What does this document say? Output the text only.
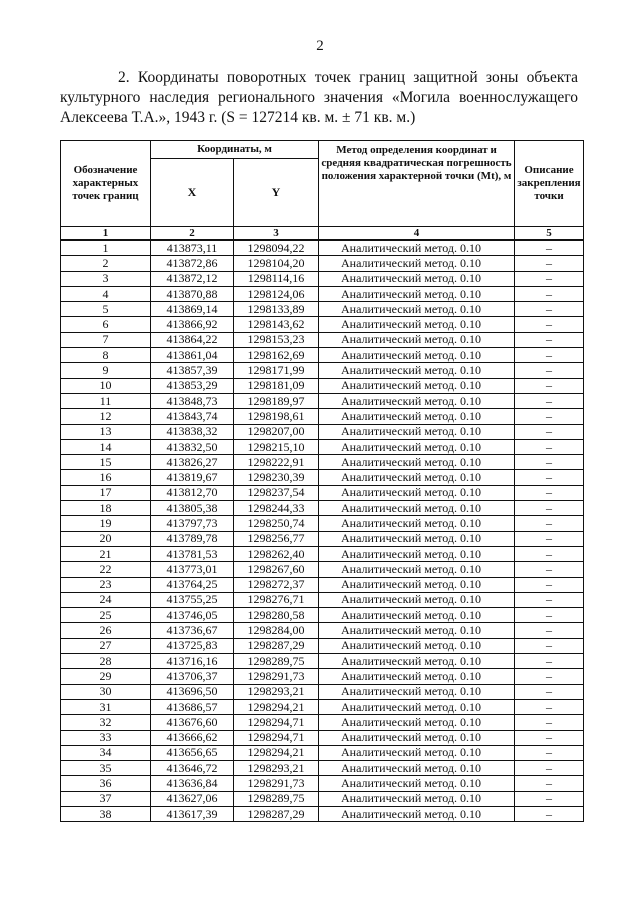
2
2. Координаты поворотных точек границ защитной зоны объекта
культурного наследия регионального значения «Могила военнослужащего
Алексеева Т.А.», 1943 г. (S = 127214 кв. м. ± 71 кв. м.)
Обозначение характерных точек границ	Координаты, м		Метод определения координат и средняя квадратическая погрешность положения характерной точки (Мt), м	Описание закрепления точки
	X	Y		
1	2	3	4	5
1	413873,11	1298094,22	Аналитический метод. 0.10	–
2	413872,86	1298104,20	Аналитический метод. 0.10	–
3	413872,12	1298114,16	Аналитический метод. 0.10	–
4	413870,88	1298124,06	Аналитический метод. 0.10	–
5	413869,14	1298133,89	Аналитический метод. 0.10	–
6	413866,92	1298143,62	Аналитический метод. 0.10	–
7	413864,22	1298153,23	Аналитический метод. 0.10	–
8	413861,04	1298162,69	Аналитический метод. 0.10	–
9	413857,39	1298171,99	Аналитический метод. 0.10	–
10	413853,29	1298181,09	Аналитический метод. 0.10	–
11	413848,73	1298189,97	Аналитический метод. 0.10	–
12	413843,74	1298198,61	Аналитический метод. 0.10	–
13	413838,32	1298207,00	Аналитический метод. 0.10	–
14	413832,50	1298215,10	Аналитический метод. 0.10	–
15	413826,27	1298222,91	Аналитический метод. 0.10	–
16	413819,67	1298230,39	Аналитический метод. 0.10	–
17	413812,70	1298237,54	Аналитический метод. 0.10	–
18	413805,38	1298244,33	Аналитический метод. 0.10	–
19	413797,73	1298250,74	Аналитический метод. 0.10	–
20	413789,78	1298256,77	Аналитический метод. 0.10	–
21	413781,53	1298262,40	Аналитический метод. 0.10	–
22	413773,01	1298267,60	Аналитический метод. 0.10	–
23	413764,25	1298272,37	Аналитический метод. 0.10	–
24	413755,25	1298276,71	Аналитический метод. 0.10	–
25	413746,05	1298280,58	Аналитический метод. 0.10	–
26	413736,67	1298284,00	Аналитический метод. 0.10	–
27	413725,83	1298287,29	Аналитический метод. 0.10	–
28	413716,16	1298289,75	Аналитический метод. 0.10	–
29	413706,37	1298291,73	Аналитический метод. 0.10	–
30	413696,50	1298293,21	Аналитический метод. 0.10	–
31	413686,57	1298294,21	Аналитический метод. 0.10	–
32	413676,60	1298294,71	Аналитический метод. 0.10	–
33	413666,62	1298294,71	Аналитический метод. 0.10	–
34	413656,65	1298294,21	Аналитический метод. 0.10	–
35	413646,72	1298293,21	Аналитический метод. 0.10	–
36	413636,84	1298291,73	Аналитический метод. 0.10	–
37	413627,06	1298289,75	Аналитический метод. 0.10	–
38	413617,39	1298287,29	Аналитический метод. 0.10	–
